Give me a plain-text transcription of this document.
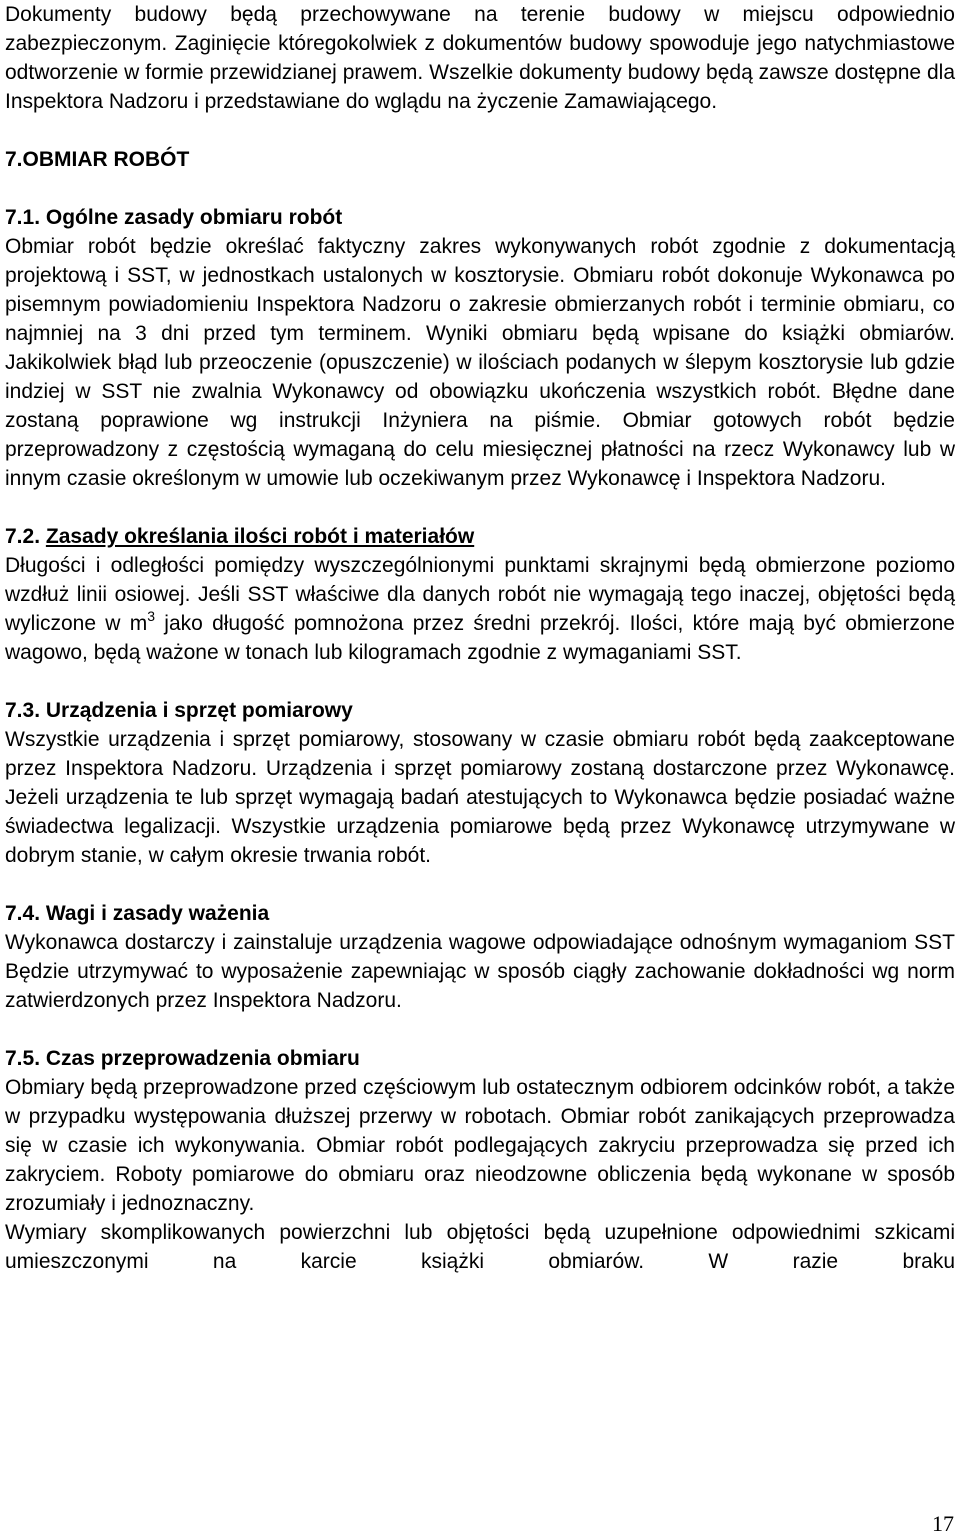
Dokumenty budowy będą przechowywane na terenie budowy w miejscu odpowiednio zabezpieczonym. Zaginięcie któregokolwiek z dokumentów budowy spowoduje jego natychmiastowe odtworzenie w formie przewidzianej prawem. Wszelkie dokumenty budowy będą zawsze dostępne dla Inspektora Nadzoru i przedstawiane do wglądu na życzenie Zamawiającego.

7.OBMIAR ROBÓT

7.1. Ogólne zasady obmiaru robót

Obmiar robót będzie określać faktyczny zakres wykonywanych robót zgodnie z dokumentacją projektową i SST, w jednostkach ustalonych w kosztorysie. Obmiaru robót dokonuje Wykonawca po pisemnym powiadomieniu Inspektora Nadzoru o zakresie obmierzanych robót i terminie obmiaru, co najmniej na 3 dni przed tym terminem. Wyniki obmiaru będą wpisane do książki obmiarów. Jakikolwiek błąd lub przeoczenie (opuszczenie) w ilościach podanych w ślepym kosztorysie lub gdzie indziej w SST nie zwalnia Wykonawcy od obowiązku ukończenia wszystkich robót. Błędne dane zostaną poprawione wg instrukcji Inżyniera na piśmie. Obmiar gotowych robót będzie przeprowadzony z częstością wymaganą do celu miesięcznej płatności na rzecz Wykonawcy lub w innym czasie określonym w umowie lub oczekiwanym przez Wykonawcę i Inspektora Nadzoru.

7.2. Zasady określania ilości robót i materiałów

Długości i odległości pomiędzy wyszczególnionymi punktami skrajnymi będą obmierzone poziomo wzdłuż linii osiowej. Jeśli SST właściwe dla danych robót nie wymagają tego inaczej, objętości będą wyliczone w $m^3$ jako długość pomnożona przez średni przekrój. Ilości, które mają być obmierzone wagowo, będą ważone w tonach lub kilogramach zgodnie z wymaganiami SST.

7.3. Urządzenia i sprzęt pomiarowy

Wszystkie urządzenia i sprzęt pomiarowy, stosowany w czasie obmiaru robót będą zaakceptowane przez Inspektora Nadzoru. Urządzenia i sprzęt pomiarowy zostaną dostarczone przez Wykonawcę. Jeżeli urządzenia te lub sprzęt wymagają badań atestujących to Wykonawca będzie posiadać ważne świadectwa legalizacji. Wszystkie urządzenia pomiarowe będą przez Wykonawcę utrzymywane w dobrym stanie, w całym okresie trwania robót.

7.4. Wagi i zasady ważenia

Wykonawca dostarczy i zainstaluje urządzenia wagowe odpowiadające odnośnym wymaganiom SST Będzie utrzymywać to wyposażenie zapewniając w sposób ciągły zachowanie dokładności wg norm zatwierdzonych przez Inspektora Nadzoru.

7.5. Czas przeprowadzenia obmiaru

Obmiary będą przeprowadzone przed częściowym lub ostatecznym odbiorem odcinków robót, a także w przypadku występowania dłuższej przerwy w robotach. Obmiar robót zanikających przeprowadza się w czasie ich wykonywania. Obmiar robót podlegających zakryciu przeprowadza się przed ich zakryciem. Roboty pomiarowe do obmiaru oraz nieodzowne obliczenia będą wykonane w sposób zrozumiały i jednoznaczny.

Wymiary skomplikowanych powierzchni lub objętości będą uzupełnione odpowiednimi szkicami umieszczonymi na karcie książki obmiarów. W razie braku

17
